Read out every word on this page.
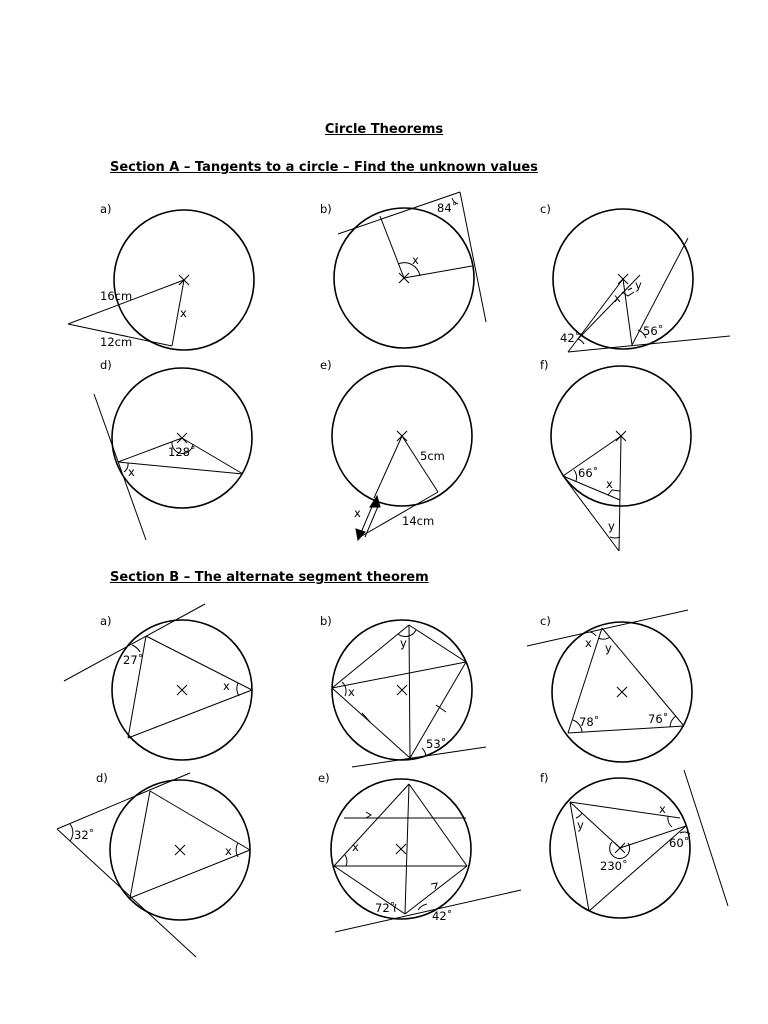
Circle Theorems
Section A – Tangents to a circle – Find the unknown values
Section B – The alternate segment theorem
a)
16cm
12cm
x
b)
x
84˚	c)
x
y
42˚	56˚
d)
128˚
x
e)
5cm
14cm
x
f)
66˚
x
y
a)
27˚
x
b)
y
x
53˚
c)
x y
78˚	76˚
d)
32˚
x
e)
x
72˚
42˚
f)
y
x
230˚
60˚
